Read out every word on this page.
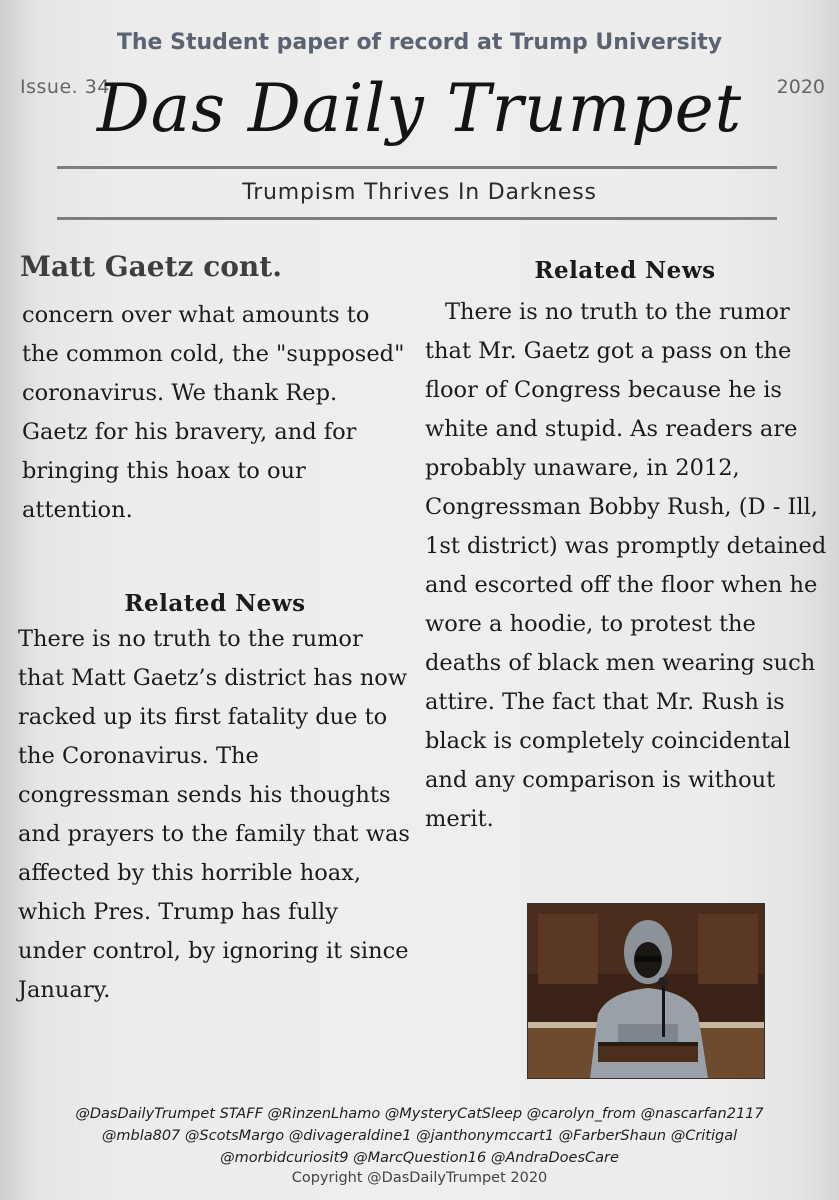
The Student paper of record at Trump University
Issue. 34	2020
Das Daily Trumpet
Trumpism Thrives In Darkness
Matt Gaetz cont.
concern over what amounts to the common cold, the "supposed" coronavirus. We thank Rep. Gaetz for his bravery, and for bringing this hoax to our attention.
Related News
There is no truth to the rumor that Matt Gaetz’s district has now racked up its first fatality due to the Coronavirus. The congressman sends his thoughts and prayers to the family that was affected by this horrible hoax, which Pres. Trump has fully under control, by ignoring it since January.
Related News
There is no truth to the rumor that Mr. Gaetz got a pass on the floor of Congress because he is white and stupid. As readers are probably unaware, in 2012, Congressman Bobby Rush, (D - Ill, 1st district) was promptly detained and escorted off the floor when he wore a hoodie, to protest the deaths of black men wearing such attire. The fact that Mr. Rush is black is completely coincidental and any comparison is without merit.
@DasDailyTrumpet STAFF @RinzenLhamo @MysteryCatSleep @carolyn_from @nascarfan2117
@mbla807 @ScotsMargo @divageraldine1 @janthonymccart1 @FarberShaun @Critigal
@morbidcuriosit9 @MarcQuestion16 @AndraDoesCare
Copyright @DasDailyTrumpet 2020
